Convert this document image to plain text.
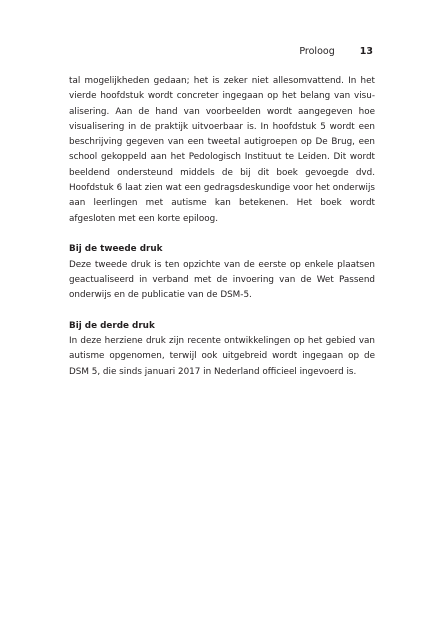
Proloog	13

tal mogelijkheden gedaan; het is zeker niet allesomvattend. In het vierde hoofdstuk wordt concreter ingegaan op het belang van visualisering. Aan de hand van voorbeelden wordt aangegeven hoe visualisering in de praktijk uitvoerbaar is. In hoofdstuk 5 wordt een beschrijving gegeven van een tweetal autigroepen op De Brug, een school gekoppeld aan het Pedologisch Instituut te Leiden. Dit wordt beeldend ondersteund middels de bij dit boek gevoegde dvd. Hoofdstuk 6 laat zien wat een gedragsdeskundige voor het onderwijs aan leerlingen met autisme kan betekenen. Het boek wordt afgesloten met een korte epiloog.

Bij de tweede druk

Deze tweede druk is ten opzichte van de eerste op enkele plaatsen geactualiseerd in verband met de invoering van de Wet Passend onderwijs en de publicatie van de DSM-5.

Bij de derde druk

In deze herziene druk zijn recente ontwikkelingen op het gebied van autisme opgenomen, terwijl ook uitgebreid wordt ingegaan op de DSM 5, die sinds januari 2017 in Nederland officieel ingevoerd is.
